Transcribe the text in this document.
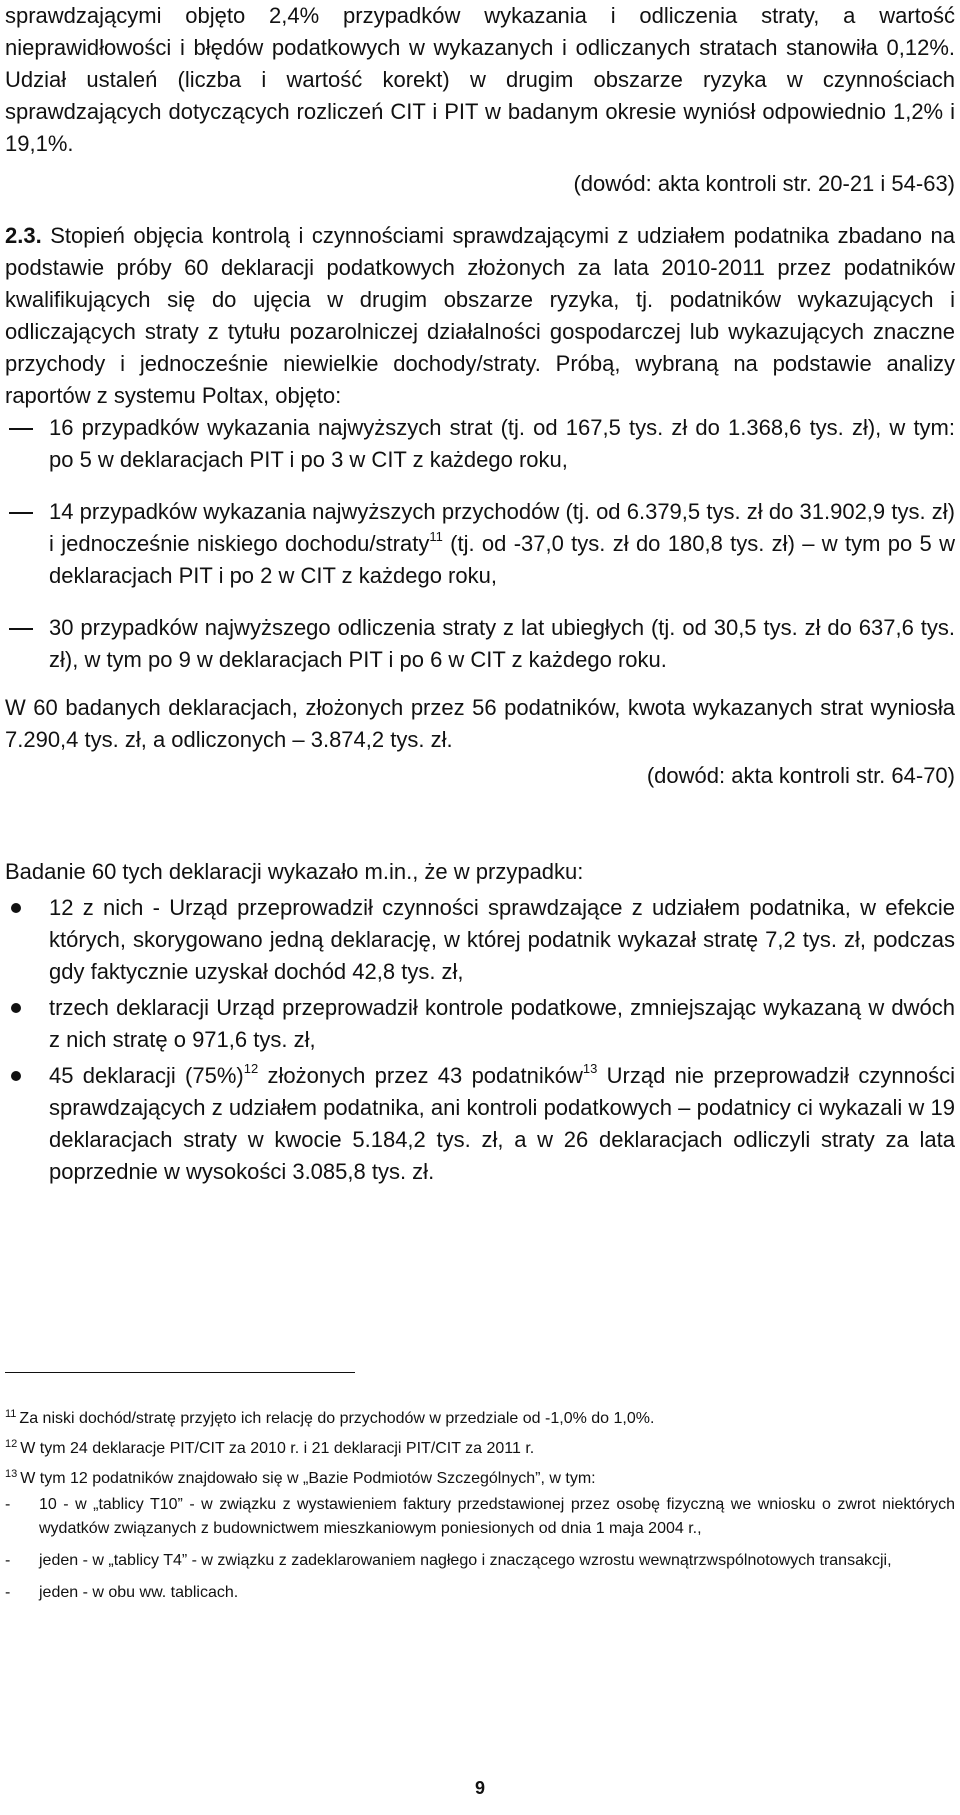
sprawdzającymi objęto 2,4% przypadków wykazania i odliczenia straty, a wartość nieprawidłowości i błędów podatkowych w wykazanych i odliczanych stratach stanowiła 0,12%. Udział ustaleń (liczba i wartość korekt) w drugim obszarze ryzyka w czynnościach sprawdzających dotyczących rozliczeń CIT i PIT w badanym okresie wyniósł odpowiednio 1,2% i 19,1%.

(dowód: akta kontroli str. 20-21 i 54-63)

2.3. Stopień objęcia kontrolą i czynnościami sprawdzającymi z udziałem podatnika zbadano na podstawie próby 60 deklaracji podatkowych złożonych za lata 2010-2011 przez podatników kwalifikujących się do ujęcia w drugim obszarze ryzyka, tj. podatników wykazujących i odliczających straty z tytułu pozarolniczej działalności gospodarczej lub wykazujących znaczne przychody i jednocześnie niewielkie dochody/straty. Próbą, wybraną na podstawie analizy raportów z systemu Poltax, objęto:

16 przypadków wykazania najwyższych strat (tj. od 167,5 tys. zł do 1.368,6 tys. zł), w tym: po 5 w deklaracjach PIT i po 3 w CIT z każdego roku,
14 przypadków wykazania najwyższych przychodów (tj. od 6.379,5 tys. zł do 31.902,9 tys. zł) i jednocześnie niskiego dochodu/straty$^{11}$ (tj. od -37,0 tys. zł do 180,8 tys. zł) – w tym po 5 w deklaracjach PIT i po 2 w CIT z każdego roku,
30 przypadków najwyższego odliczenia straty z lat ubiegłych (tj. od 30,5 tys. zł do 637,6 tys. zł), w tym po 9 w deklaracjach PIT i po 6 w CIT z każdego roku.

W 60 badanych deklaracjach, złożonych przez 56 podatników, kwota wykazanych strat wyniosła 7.290,4 tys. zł, a odliczonych – 3.874,2 tys. zł.

(dowód: akta kontroli str. 64-70)

Badanie 60 tych deklaracji wykazało m.in., że w przypadku:

12 z nich - Urząd przeprowadził czynności sprawdzające z udziałem podatnika, w efekcie których, skorygowano jedną deklarację, w której podatnik wykazał stratę 7,2 tys. zł, podczas gdy faktycznie uzyskał dochód 42,8 tys. zł,
trzech deklaracji Urząd przeprowadził kontrole podatkowe, zmniejszając wykazaną w dwóch z nich stratę o 971,6 tys. zł,
45 deklaracji $(75\%)^{12}$ złożonych przez 43 podatników$^{13}$ Urząd nie przeprowadził czynności sprawdzających z udziałem podatnika, ani kontroli podatkowych – podatnicy ci wykazali w 19 deklaracjach straty w kwocie 5.184,2 tys. zł, a w 26 deklaracjach odliczyli straty za lata poprzednie w wysokości 3.085,8 tys. zł.

$^{11}$ Za niski dochód/stratę przyjęto ich relację do przychodów w przedziale od -1,0% do 1,0%.

$^{12}$ W tym 24 deklaracje PIT/CIT za 2010 r. i 21 deklaracji PIT/CIT za 2011 r.

$^{13}$ W tym 12 podatników znajdowało się w „Bazie Podmiotów Szczególnych”, w tym:

- 10 - w „tablicy T10” - w związku z wystawieniem faktury przedstawionej przez osobę fizyczną we wniosku o zwrot niektórych wydatków związanych z budownictwem mieszkaniowym poniesionych od dnia 1 maja 2004 r.,
- jeden - w „tablicy T4” - w związku z zadeklarowaniem nagłego i znaczącego wzrostu wewnątrzwspólnotowych transakcji,
- jeden - w obu ww. tablicach.
9
